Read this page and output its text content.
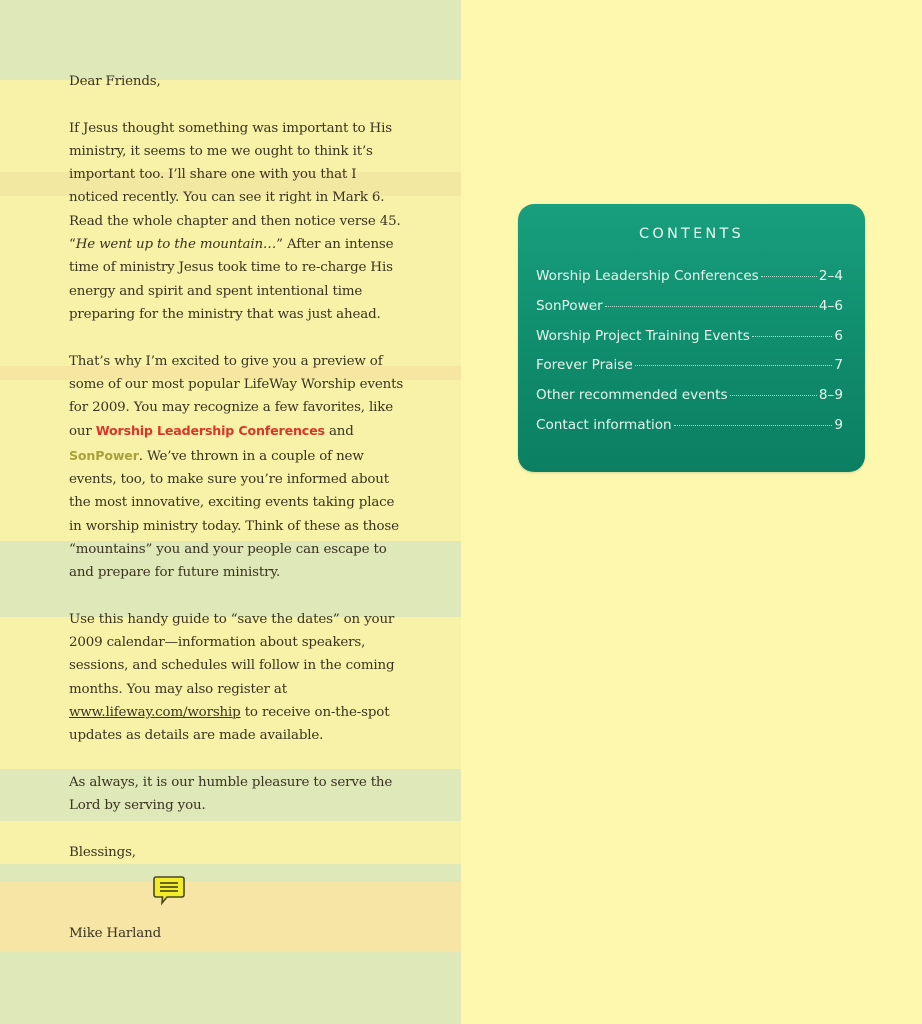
Dear Friends,

If Jesus thought something was important to His ministry, it seems to me we ought to think it’s important too. I’ll share one with you that I noticed recently. You can see it right in Mark 6. Read the whole chapter and then notice verse 45. “He went up to the mountain…” After an intense time of ministry Jesus took time to re-charge His energy and spirit and spent intentional time preparing for the ministry that was just ahead.

That’s why I’m excited to give you a preview of some of our most popular LifeWay Worship events for 2009. You may recognize a few favorites, like our Worship Leadership Conferences and SonPower. We’ve thrown in a couple of new events, too, to make sure you’re informed about the most innovative, exciting events taking place in worship ministry today. Think of these as those “mountains” you and your people can escape to and prepare for future ministry.

Use this handy guide to “save the dates” on your 2009 calendar—information about speakers, sessions, and schedules will follow in the coming months. You may also register at www.lifeway.com/worship to receive on-the-spot updates as details are made available.

As always, it is our humble pleasure to serve the Lord by serving you.

Blessings,

Mike Harland

CONTENTS
Worship Leadership Conferences	2–4
SonPower	4–6
Worship Project Training Events	6
Forever Praise	7
Other recommended events	8–9
Contact information	9
